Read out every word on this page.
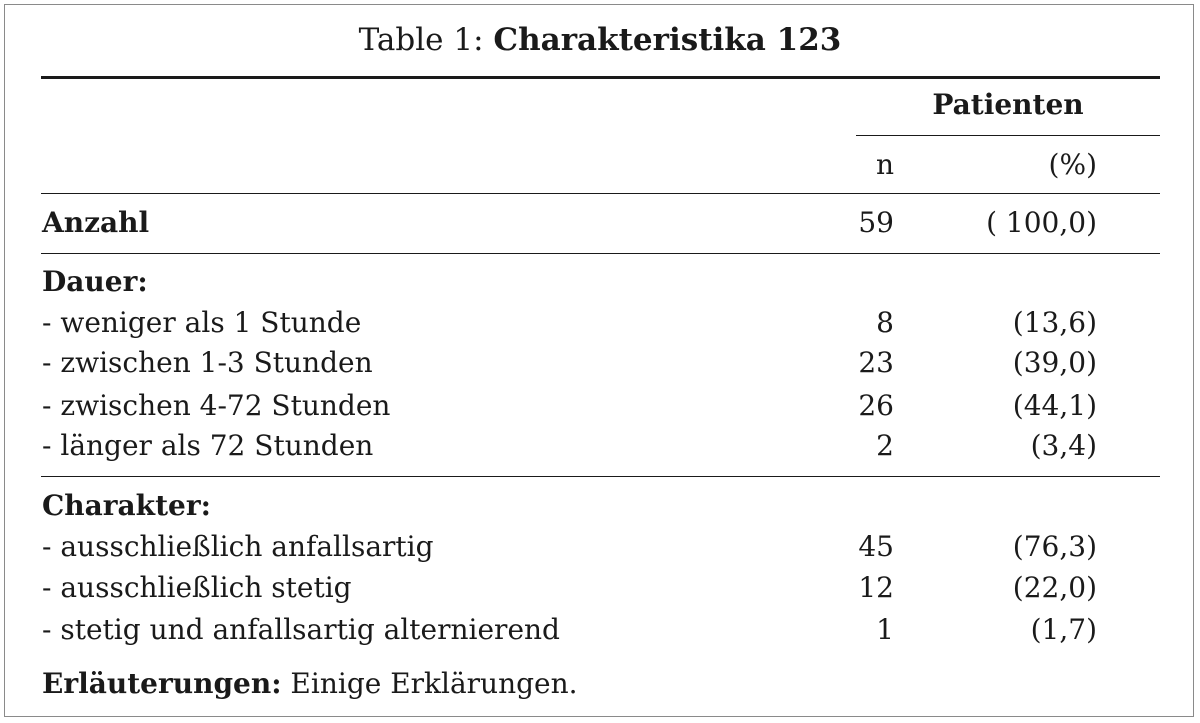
Table 1: Charakteristika 123
Patienten
n	(%)
Anzahl	59	( 100,0)
Dauer:
- weniger als 1 Stunde	8	(13,6)
- zwischen 1-3 Stunden	23	(39,0)
- zwischen 4-72 Stunden	26	(44,1)
- länger als 72 Stunden	2	(3,4)
Charakter:
- ausschließlich anfallsartig	45	(76,3)
- ausschließlich stetig	12	(22,0)
- stetig und anfallsartig alternierend	1	(1,7)
Erläuterungen: Einige Erklärungen.
